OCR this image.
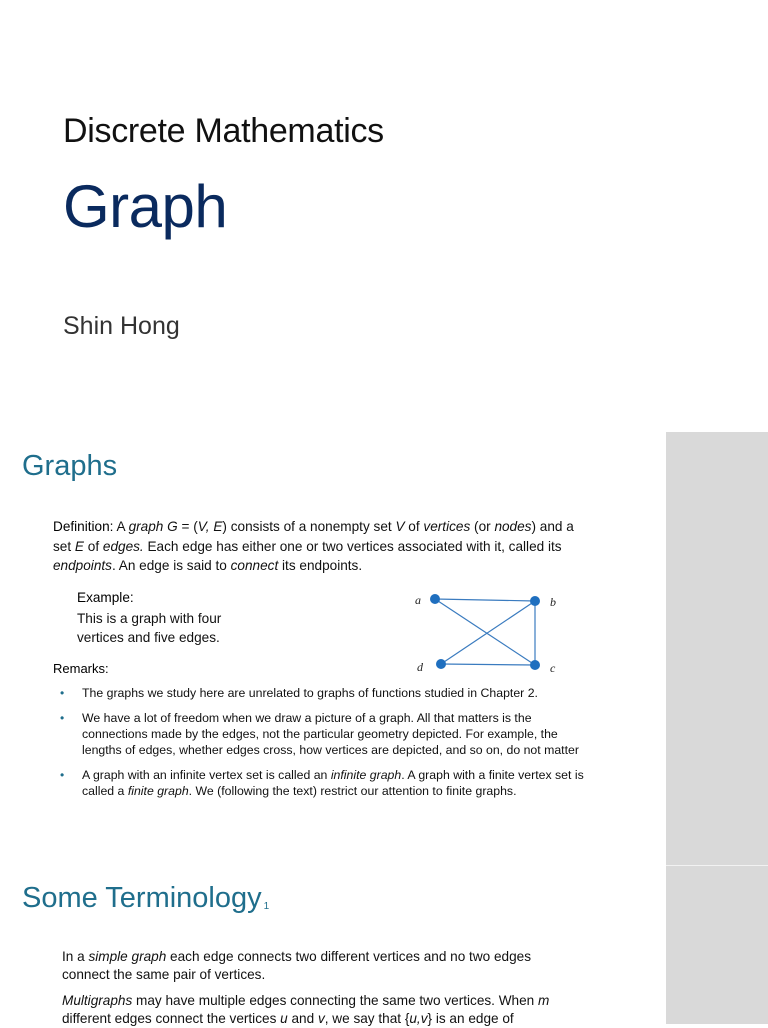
Discrete Mathematics
Graph
Shin Hong
Graphs
Definition: A graph G = (V, E) consists of a nonempty set V of vertices (or nodes) and a set E of edges. Each edge has either one or two vertices associated with it, called its endpoints. An edge is said to connect its endpoints.
Example:
This is a graph with four vertices and five edges.
a	b
c
d
Remarks:
• The graphs we study here are unrelated to graphs of functions studied in Chapter 2.
• We have a lot of freedom when we draw a picture of a graph. All that matters is the connections made by the edges, not the particular geometry depicted. For example, the lengths of edges, whether edges cross, how vertices are depicted, and so on, do not matter
• A graph with an infinite vertex set is called an infinite graph. A graph with a finite vertex set is called a finite graph. We (following the text) restrict our attention to finite graphs.
Some Terminology $_1$
In a simple graph each edge connects two different vertices and no two edges connect the same pair of vertices.
Multigraphs may have multiple edges connecting the same two vertices. When m different edges connect the vertices u and v, we say that {u,v} is an edge of
